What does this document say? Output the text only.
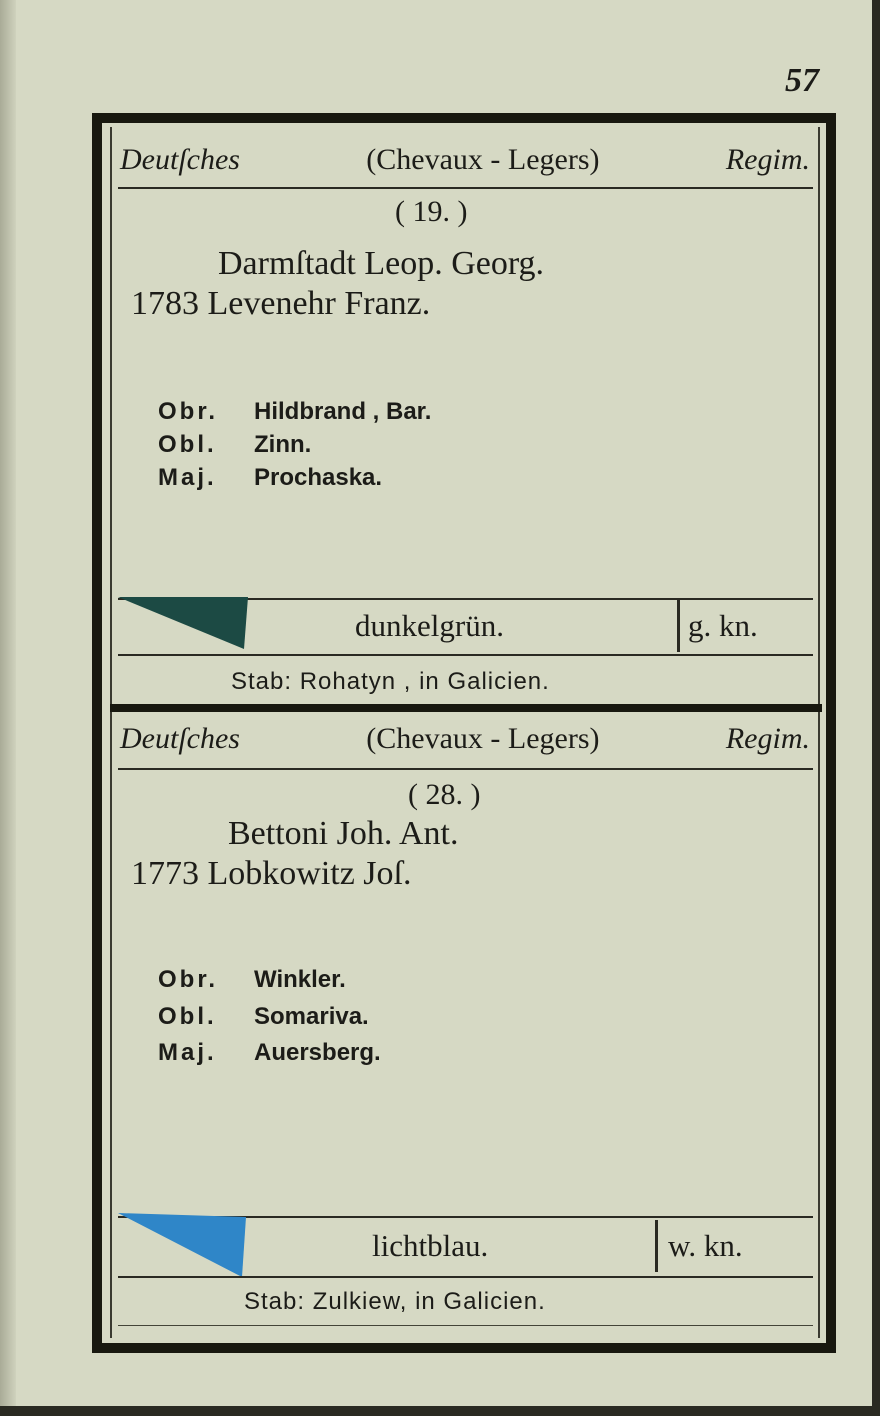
57
Deutſches	(Chevaux - Legers)	Regim.
( 19. )
Darmſtadt Leop. Georg.
1783 Levenehr Franz.
Obr. Hildbrand , Bar.
Obl. Zinn.
Maj. Prochaska.
dunkelgrün.	g. kn.
Stab: Rohatyn , in Galicien.
Deutſches	(Chevaux - Legers)	Regim.
( 28. )
Bettoni Joh. Ant.
1773 Lobkowitz Joſ.
Obr. Winkler.
Obl. Somariva.
Maj. Auersberg.
lichtblau.	w. kn.
Stab: Zulkiew, in Galicien.
